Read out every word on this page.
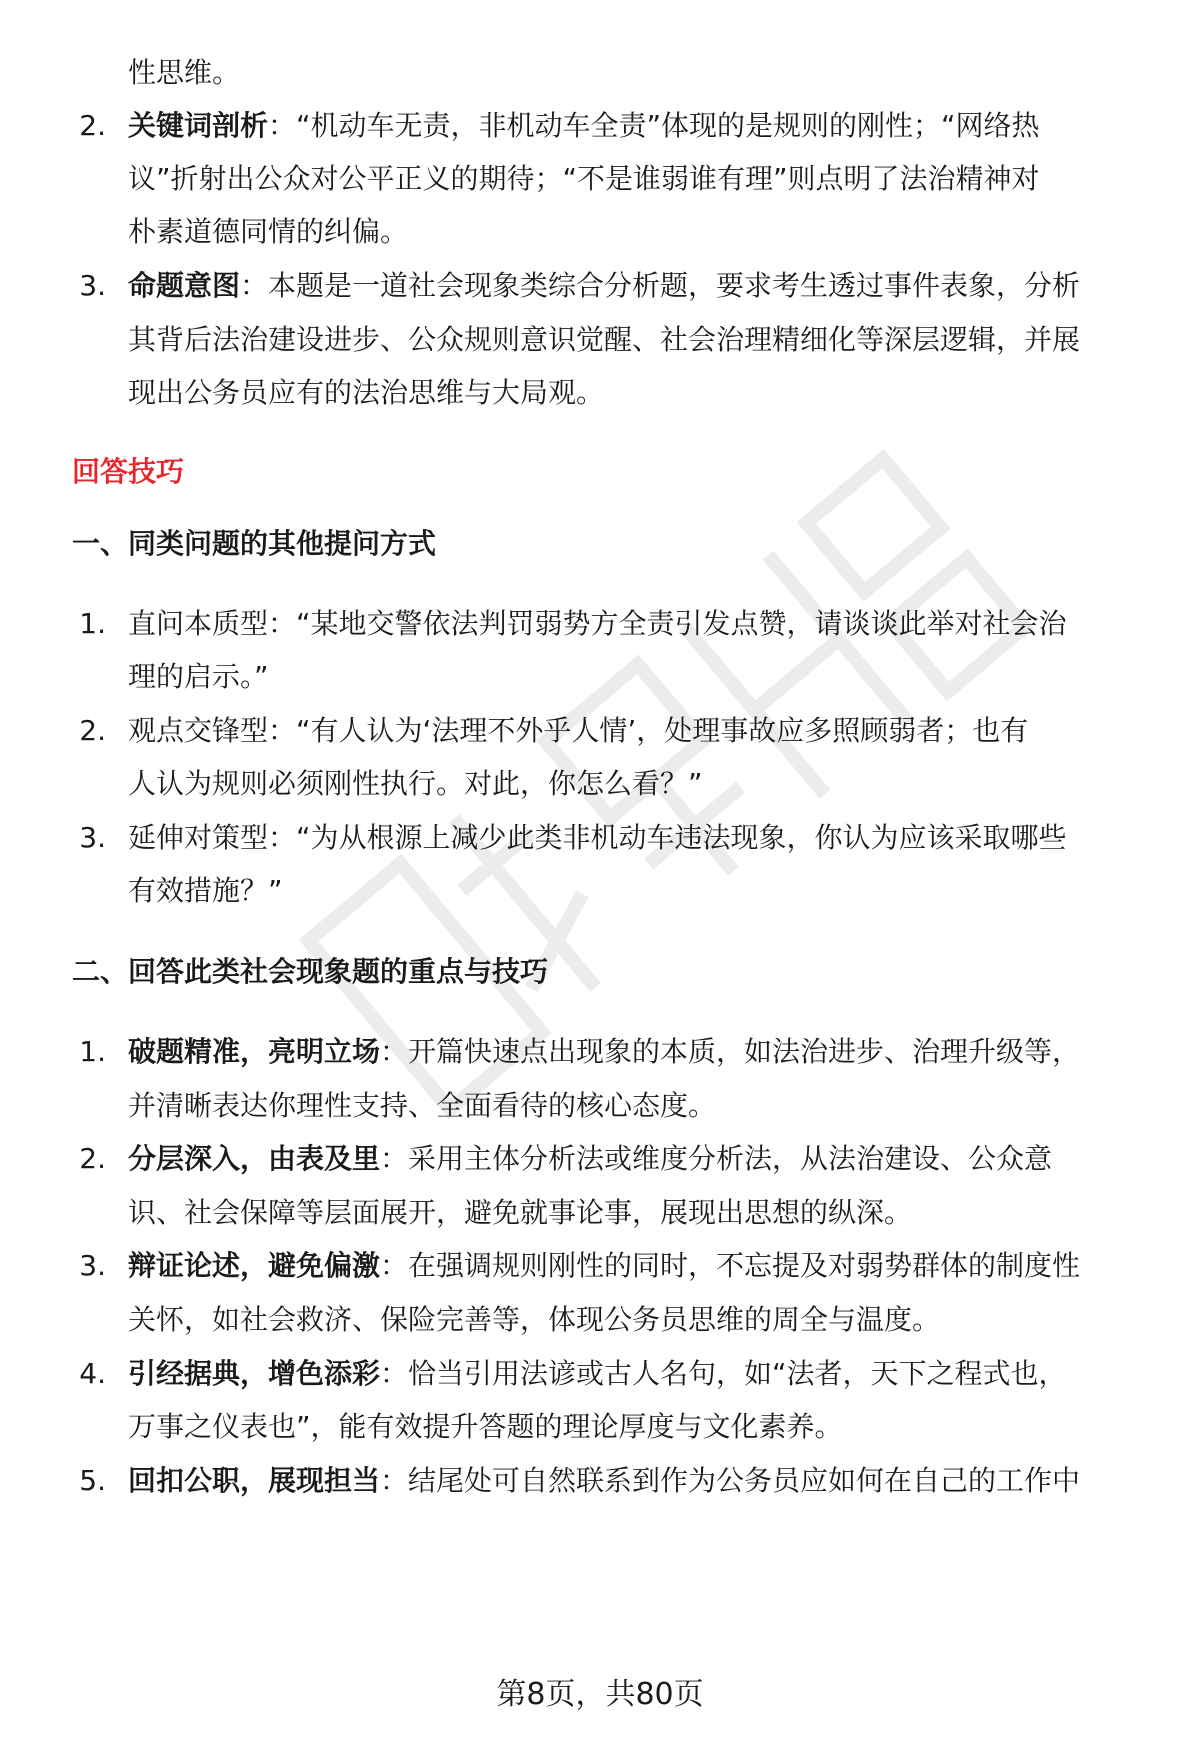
性思维。
2. 关键词剖析：“机动车无责，非机动车全责”体现的是规则的刚性；“网络热
议”折射出公众对公平正义的期待；“不是谁弱谁有理”则点明了法治精神对
朴素道德同情的纠偏。
3. 命题意图：本题是一道社会现象类综合分析题，要求考生透过事件表象，分析
其背后法治建设进步、公众规则意识觉醒、社会治理精细化等深层逻辑，并展
现出公务员应有的法治思维与大局观。
回答技巧
一、同类问题的其他提问方式
1. 直问本质型：“某地交警依法判罚弱势方全责引发点赞，请谈谈此举对社会治
理的启示。”
2. 观点交锋型：“有人认为‘法理不外乎人情’，处理事故应多照顾弱者；也有
人认为规则必须刚性执行。对此，你怎么看？”
3. 延伸对策型：“为从根源上减少此类非机动车违法现象，你认为应该采取哪些
有效措施？”
二、回答此类社会现象题的重点与技巧
1. 破题精准，亮明立场：开篇快速点出现象的本质，如法治进步、治理升级等，
并清晰表达你理性支持、全面看待的核心态度。
2. 分层深入，由表及里：采用主体分析法或维度分析法，从法治建设、公众意
识、社会保障等层面展开，避免就事论事，展现出思想的纵深。
3. 辩证论述，避免偏激：在强调规则刚性的同时，不忘提及对弱势群体的制度性
关怀，如社会救济、保险完善等，体现公务员思维的周全与温度。
4. 引经据典，增色添彩：恰当引用法谚或古人名句，如“法者，天下之程式也，
万事之仪表也”，能有效提升答题的理论厚度与文化素养。
5. 回扣公职，展现担当：结尾处可自然联系到作为公务员应如何在自己的工作中
第8页，共80页
